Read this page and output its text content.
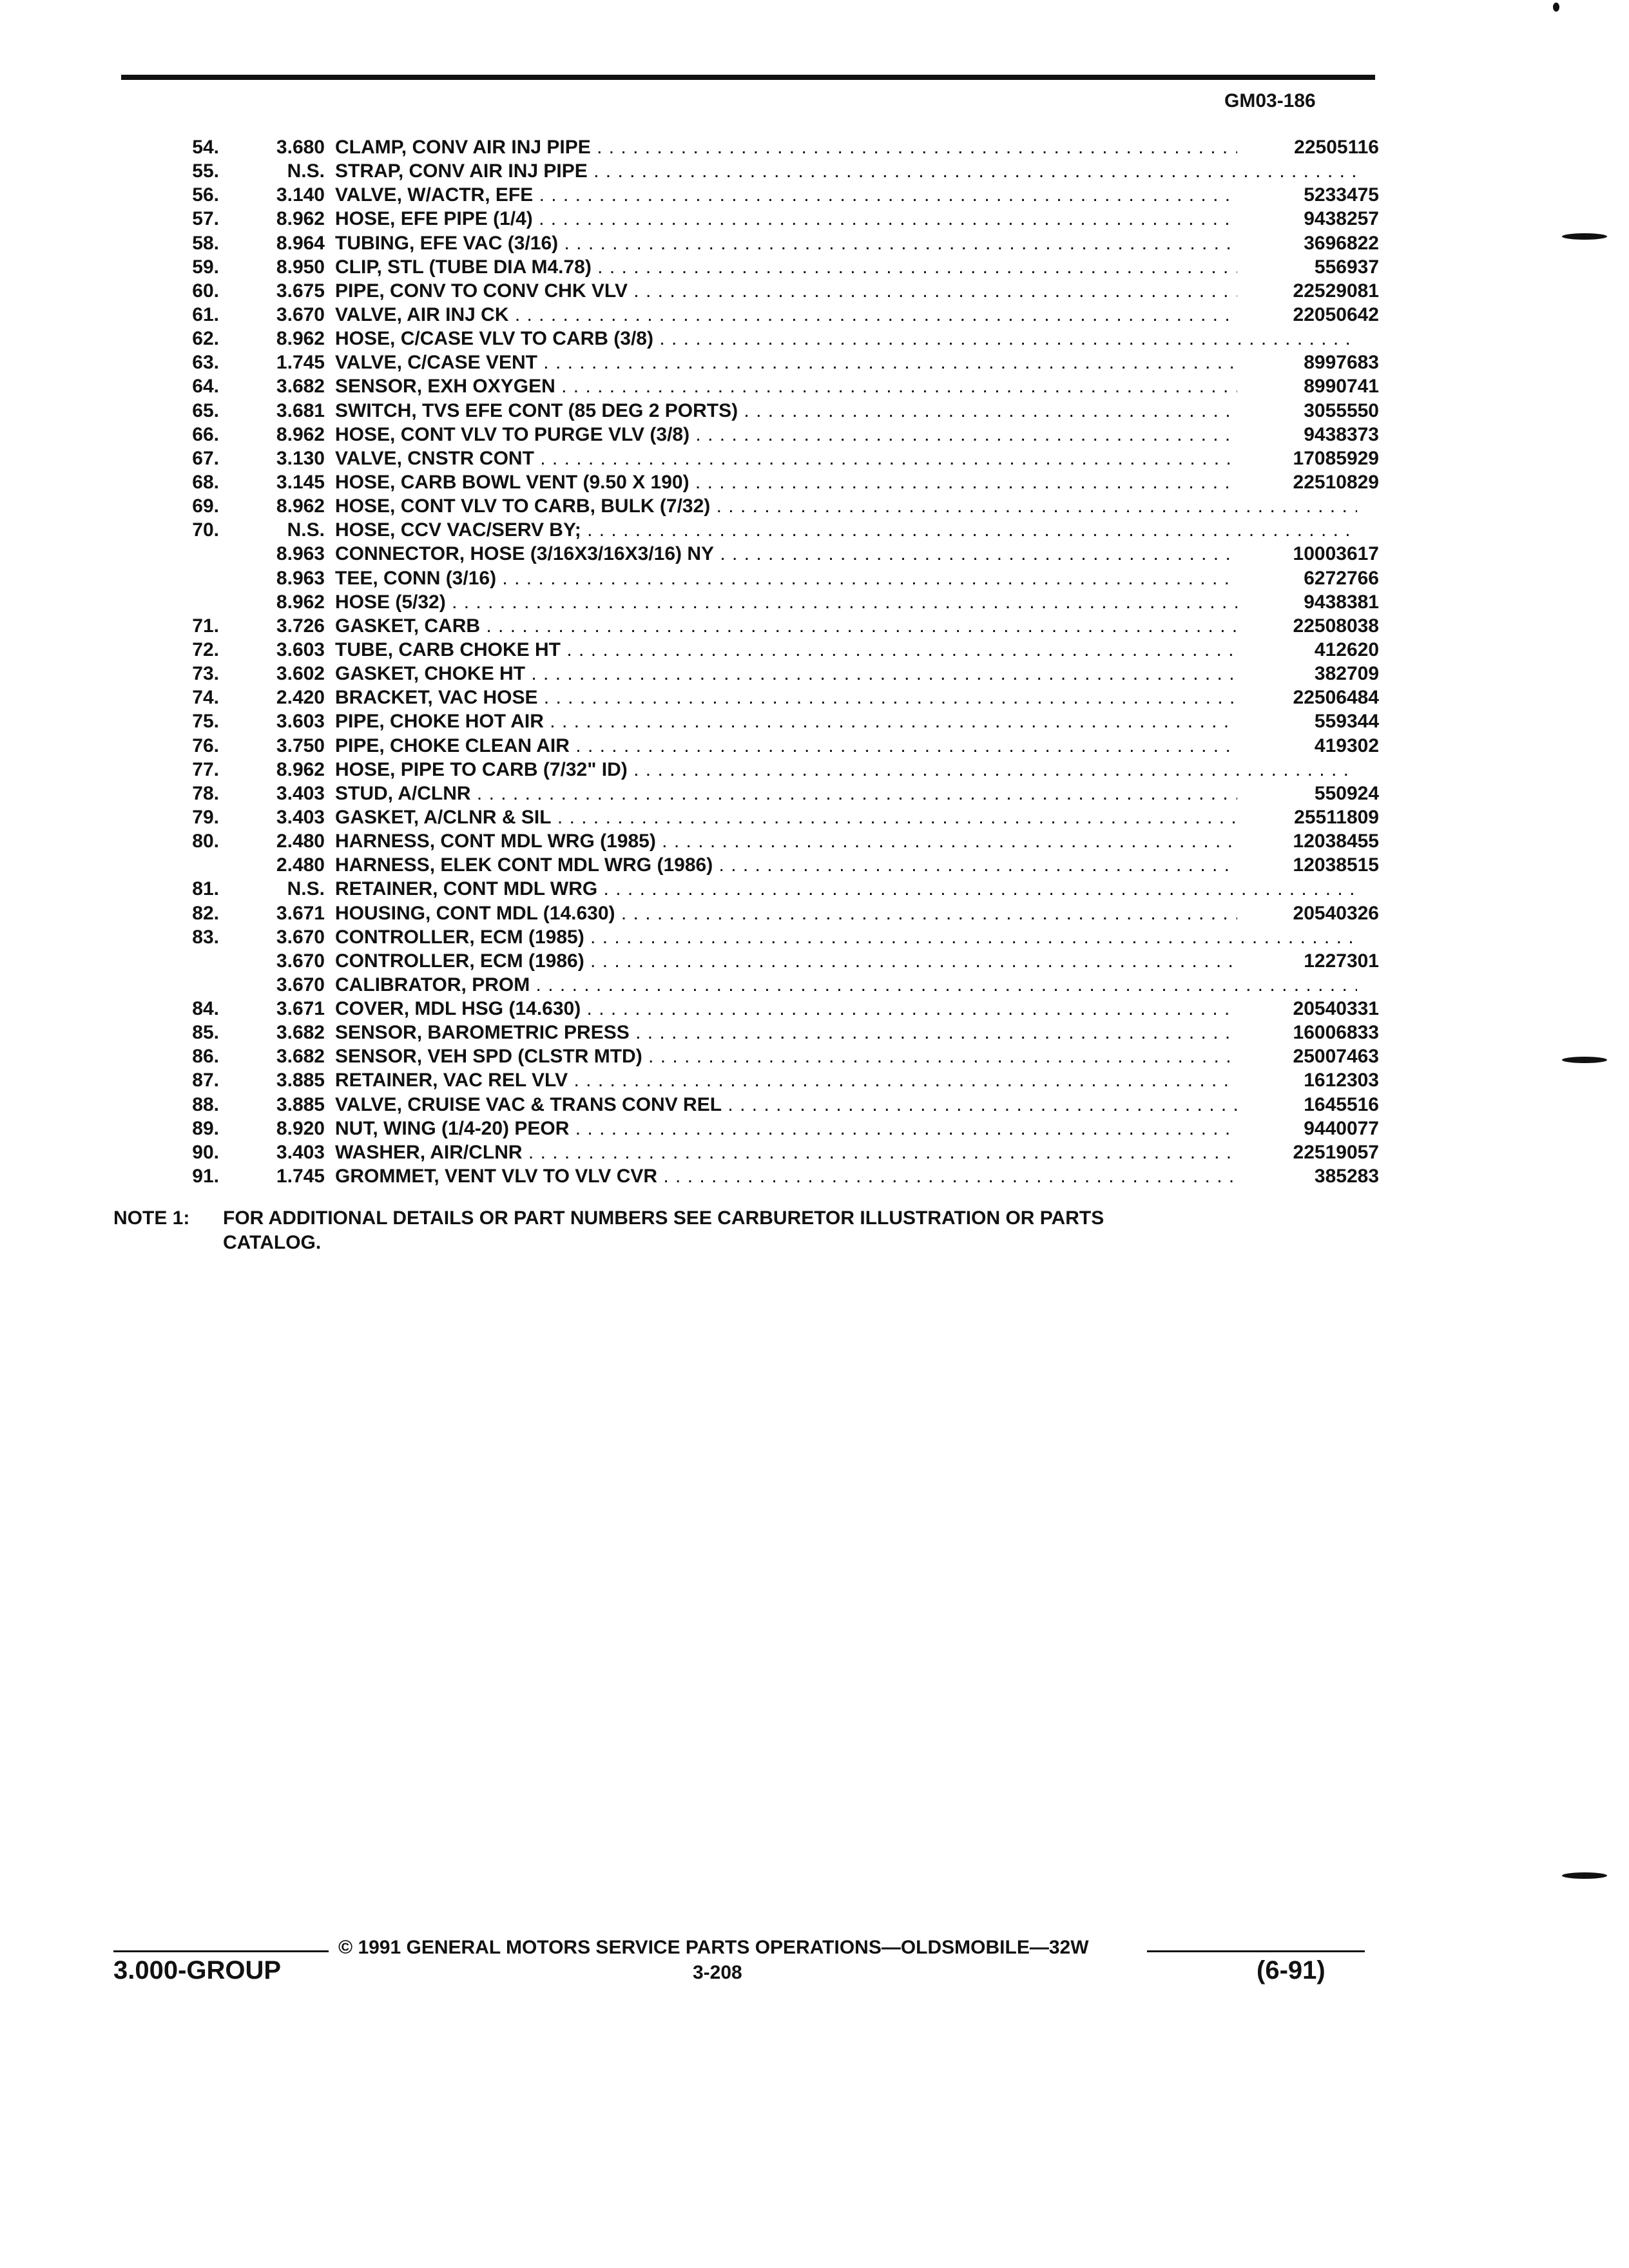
GM03-186
54.	3.680 CLAMP, CONV AIR INJ PIPE . . .	22505116
55.	N.S. STRAP, CONV AIR INJ PIPE . . .
56.	3.140 VALVE, W/ACTR, EFE . . .	5233475
57.	8.962 HOSE, EFE PIPE (1/4) . . .	9438257
58.	8.964 TUBING, EFE VAC (3/16) . . .	3696822
59.	8.950 CLIP, STL (TUBE DIA M4.78) . . .	556937
60.	3.675 PIPE, CONV TO CONV CHK VLV . . .	22529081
61.	3.670 VALVE, AIR INJ CK . . .	22050642
62.	8.962 HOSE, C/CASE VLV TO CARB (3/8) . . .
63.	1.745 VALVE, C/CASE VENT . . .	8997683
64.	3.682 SENSOR, EXH OXYGEN . . .	8990741
65.	3.681 SWITCH, TVS EFE CONT (85 DEG 2 PORTS) . . .	3055550
66.	8.962 HOSE, CONT VLV TO PURGE VLV (3/8) . . .	9438373
67.	3.130 VALVE, CNSTR CONT . . .	17085929
68.	3.145 HOSE, CARB BOWL VENT (9.50 X 190) . . .	22510829
69.	8.962 HOSE, CONT VLV TO CARB, BULK (7/32) . . .
70.	N.S. HOSE, CCV VAC/SERV BY; . . .
8.963 CONNECTOR, HOSE (3/16X3/16X3/16) NY . . .	10003617
8.963 TEE, CONN (3/16) . . .	6272766
8.962 HOSE (5/32) . . .	9438381
71.	3.726 GASKET, CARB . . .	22508038
72.	3.603 TUBE, CARB CHOKE HT . . .	412620
73.	3.602 GASKET, CHOKE HT . . .	382709
74.	2.420 BRACKET, VAC HOSE . . .	22506484
75.	3.603 PIPE, CHOKE HOT AIR . . .	559344
76.	3.750 PIPE, CHOKE CLEAN AIR . . .	419302
77.	8.962 HOSE, PIPE TO CARB (7/32" ID) . . .
78.	3.403 STUD, A/CLNR . . .	550924
79.	3.403 GASKET, A/CLNR & SIL . . .	25511809
80.	2.480 HARNESS, CONT MDL WRG (1985) . . .	12038455
2.480 HARNESS, ELEK CONT MDL WRG (1986) . . .	12038515
81.	N.S. RETAINER, CONT MDL WRG . . .
82.	3.671 HOUSING, CONT MDL (14.630) . . .	20540326
83.	3.670 CONTROLLER, ECM (1985) . . .
3.670 CONTROLLER, ECM (1986) . . .	1227301
3.670 CALIBRATOR, PROM . . .
84.	3.671 COVER, MDL HSG (14.630) . . .	20540331
85.	3.682 SENSOR, BAROMETRIC PRESS . . .	16006833
86.	3.682 SENSOR, VEH SPD (CLSTR MTD) . . .	25007463
87.	3.885 RETAINER, VAC REL VLV . . .	1612303
88.	3.885 VALVE, CRUISE VAC & TRANS CONV REL . . .	1645516
89.	8.920 NUT, WING (1/4-20) PEOR . . .	9440077
90.	3.403 WASHER, AIR/CLNR . . .	22519057
91.	1.745 GROMMET, VENT VLV TO VLV CVR . . .	385283
NOTE 1: FOR ADDITIONAL DETAILS OR PART NUMBERS SEE CARBURETOR ILLUSTRATION OR PARTS
CATALOG.
© 1991 GENERAL MOTORS SERVICE PARTS OPERATIONS—OLDSMOBILE—32W
3.000-GROUP	3-208	(6-91)
